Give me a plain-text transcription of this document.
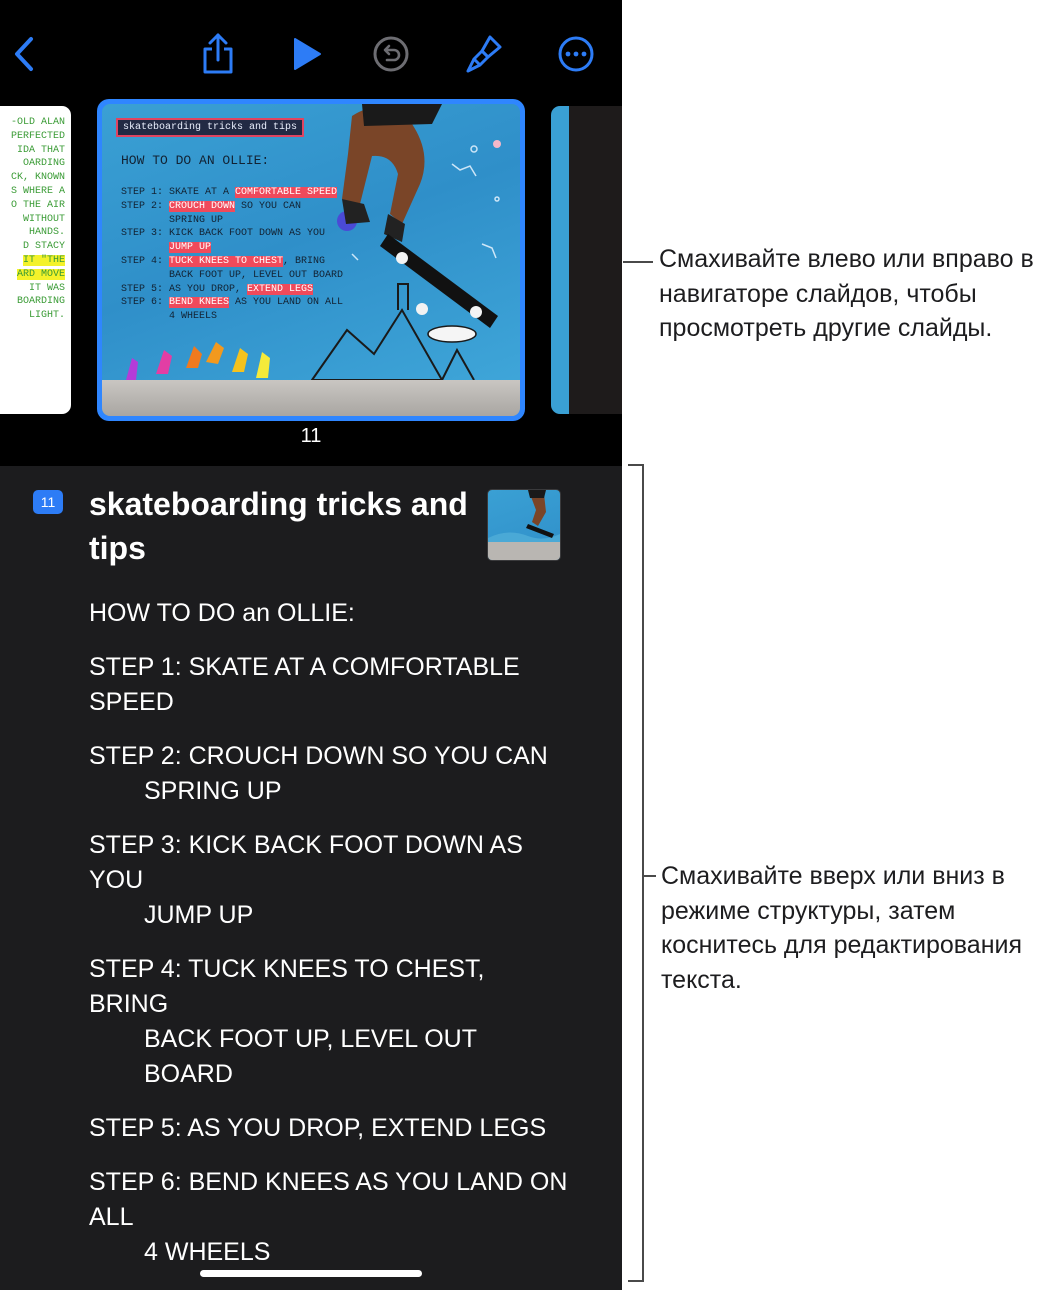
-OLD ALAN
PERFECTED
IDA THAT
OARDING
CK, KNOWN
S WHERE A
O THE AIR
WITHOUT
HANDS.
D STACY
IT "THE
ARD MOVE
IT WAS
BOARDING
LIGHT.
skateboarding tricks and tips
HOW TO DO AN OLLIE:
STEP 1: SKATE AT A COMFORTABLE SPEED
STEP 2: CROUCH DOWN SO YOU CAN
SPRING UP
STEP 3: KICK BACK FOOT DOWN AS YOU
JUMP UP
STEP 4: TUCK KNEES TO CHEST, BRING
BACK FOOT UP, LEVEL OUT BOARD
STEP 5: AS YOU DROP, EXTEND LEGS
STEP 6: BEND KNEES AS YOU LAND ON ALL
4 WHEELS
11
11 skateboarding tricks and tips
HOW TO DO an OLLIE:
STEP 1: SKATE AT A COMFORTABLE SPEED
STEP 2: CROUCH DOWN SO YOU CAN
SPRING UP
STEP 3: KICK BACK FOOT DOWN AS YOU
JUMP UP
STEP 4: TUCK KNEES TO CHEST, BRING
BACK FOOT UP, LEVEL OUT BOARD
STEP 5: AS YOU DROP, EXTEND LEGS
STEP 6: BEND KNEES AS YOU LAND ON ALL
4 WHEELS
Смахивайте влево или вправо в навигаторе слайдов, чтобы просмотреть другие слайды.
Смахивайте вверх или вниз в режиме структуры, затем коснитесь для редактирования текста.
